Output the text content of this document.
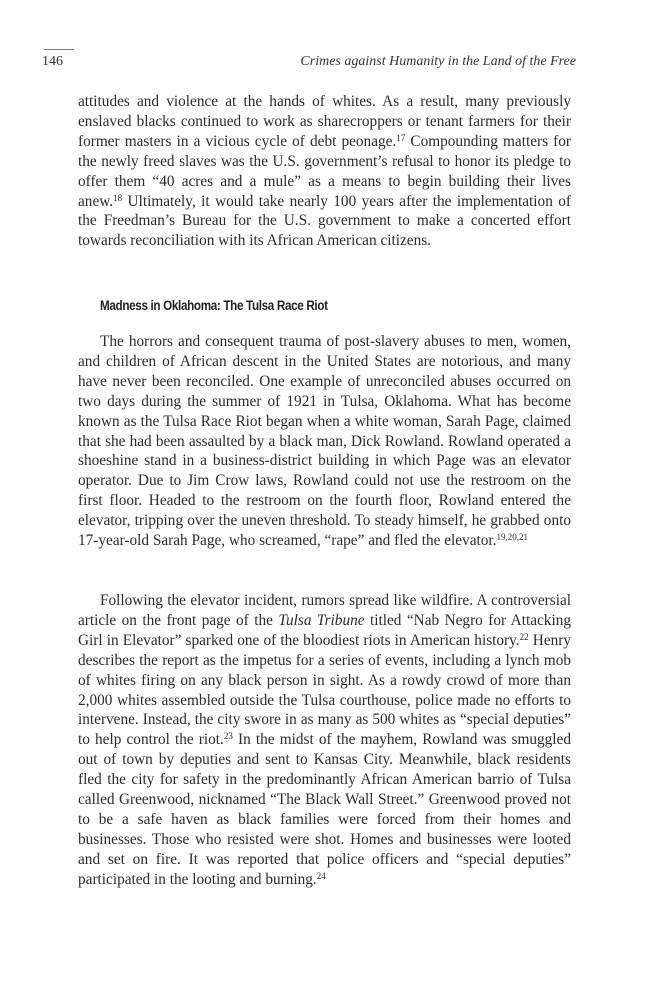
146	Crimes against Humanity in the Land of the Free

attitudes and violence at the hands of whites. As a result, many previously enslaved blacks continued to work as sharecroppers or tenant farmers for their former masters in a vicious cycle of debt peonage.$^{17}$ Compounding matters for the newly freed slaves was the U.S. government’s refusal to honor its pledge to offer them “40 acres and a mule” as a means to begin building their lives anew.$^{18}$ Ultimately, it would take nearly 100 years after the implementation of the Freedman’s Bureau for the U.S. government to make a concerted effort towards reconciliation with its African American citizens.

Madness in Oklahoma: The Tulsa Race Riot

The horrors and consequent trauma of post-slavery abuses to men, women, and children of African descent in the United States are notorious, and many have never been reconciled. One example of unreconciled abuses occurred on two days during the summer of 1921 in Tulsa, Oklahoma. What has become known as the Tulsa Race Riot began when a white woman, Sarah Page, claimed that she had been assaulted by a black man, Dick Rowland. Rowland operated a shoeshine stand in a business-district building in which Page was an elevator operator. Due to Jim Crow laws, Rowland could not use the restroom on the first floor. Headed to the restroom on the fourth floor, Rowland entered the elevator, tripping over the uneven threshold. To steady himself, he grabbed onto 17-year-old Sarah Page, who screamed, “rape” and fled the elevator.$^{19,20,21}$

Following the elevator incident, rumors spread like wildfire. A controversial article on the front page of the Tulsa Tribune titled “Nab Negro for Attacking Girl in Elevator” sparked one of the bloodiest riots in American history.$^{22}$ Henry describes the report as the impetus for a series of events, including a lynch mob of whites firing on any black person in sight. As a rowdy crowd of more than 2,000 whites assembled outside the Tulsa courthouse, police made no efforts to intervene. Instead, the city swore in as many as 500 whites as “special deputies” to help control the riot.$^{23}$ In the midst of the mayhem, Rowland was smuggled out of town by deputies and sent to Kansas City. Meanwhile, black residents fled the city for safety in the predominantly African American barrio of Tulsa called Greenwood, nicknamed “The Black Wall Street.” Greenwood proved not to be a safe haven as black families were forced from their homes and businesses. Those who resisted were shot. Homes and businesses were looted and set on fire. It was reported that police officers and “special deputies” participated in the looting and burning.$^{24}$
